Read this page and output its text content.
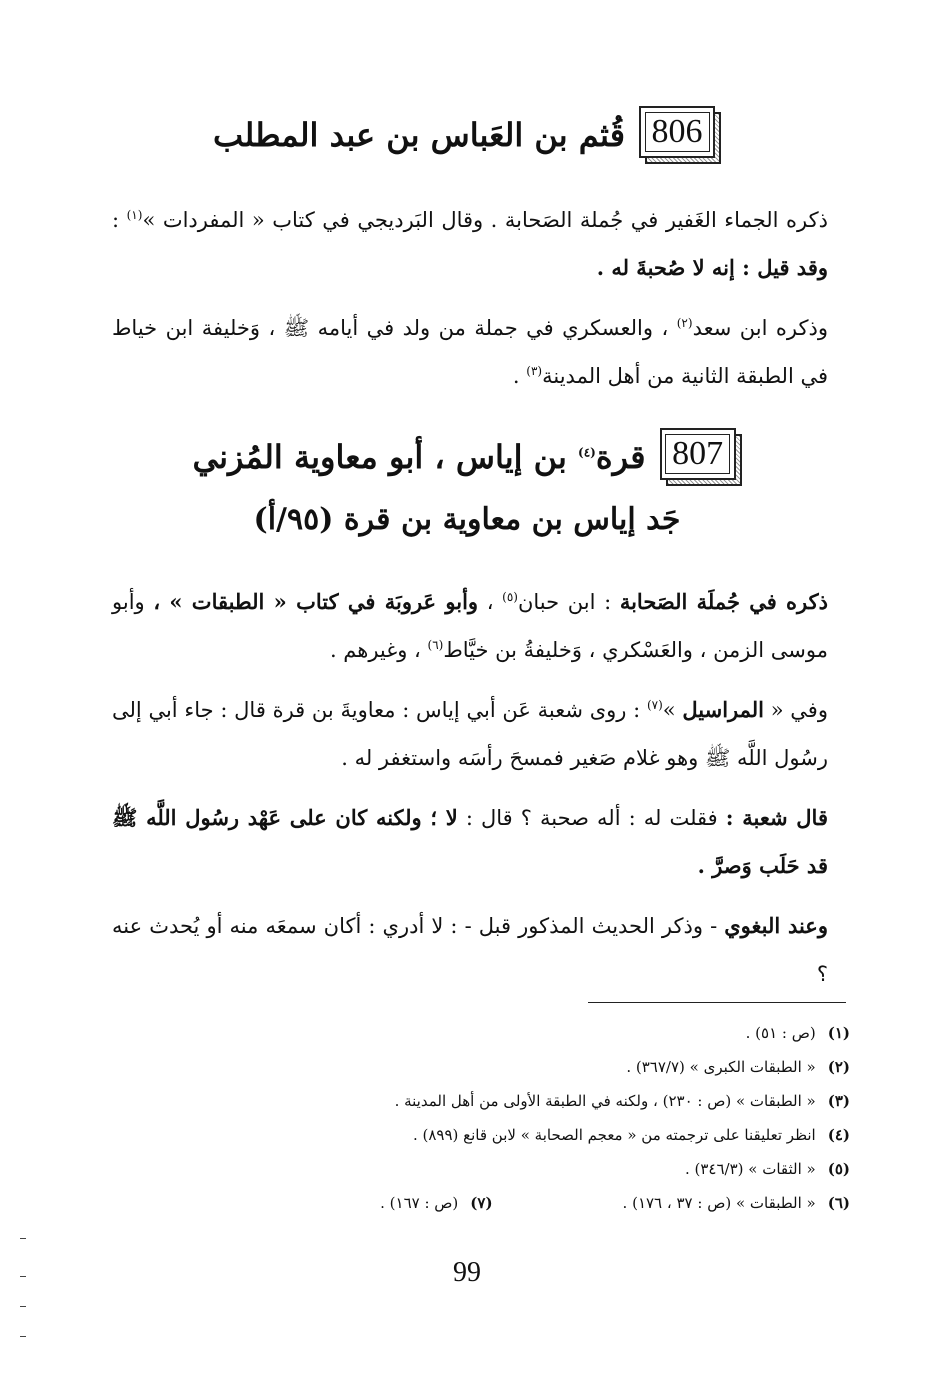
806
قُثم بن العَباس بن عبد المطلب

ذكره الجماء الغَفير في جُملة الصَحابة . وقال البَرديجي في كتاب « المفردات »$^{(١)}$ : وقد قيل : إنه لا صُحبةَ له .

وذكره ابن سعد$^{(٢)}$ ، والعسكري في جملة من ولد في أيامه ﷺ ، وَخليفة ابن خياط في الطبقة الثانية من أهل المدينة$^{(٣)}$ .

807
قرة$^{(٤)}$ بن إياس ، أبو معاوية المُزني
جَد إياس بن معاوية بن قرة (٩٥/أ)

ذكره في جُملَة الصَحابة : ابن حبان$^{(٥)}$ ، وأبو عَروبَة في كتاب « الطبقات » ، وأبو موسى الزمن ، والعَسْكري ، وَخليفةُ بن خيَّاط$^{(٦)}$ ، وغيرهم .

وفي « المراسيل »$^{(٧)}$ : روى شعبة عَن أبي إياس : معاويةَ بن قرة قال : جاء أبي إلى رسُول اللَّه ﷺ وهو غلام صَغير فمسحَ رأسَه واستغفر له .

قال شعبة : فقلت له : أله صحبة ؟ قال : لا ؛ ولكنه كان على عَهْد رسُول اللَّه ﷺ قد حَلَب وَصرَّ .

وعند البغوي - وذكر الحديث المذكور قبل - : لا أدري : أكان سمعَه منه أو يُحدث عنه ؟

(١)(ص : ٥١) .
(٢)« الطبقات الكبرى » (٣٦٧/٧) .
(٣)« الطبقات » (ص : ٢٣٠) ، ولكنه في الطبقة الأولى من أهل المدينة .
(٤)انظر تعليقنا على ترجمته من « معجم الصحابة » لابن قانع (٨٩٩) .
(٥)« الثقات » (٣٤٦/٣) .
(٦)« الطبقات » (ص : ٣٧ ، ١٧٦) .(٧)(ص : ١٦٧) .
99
